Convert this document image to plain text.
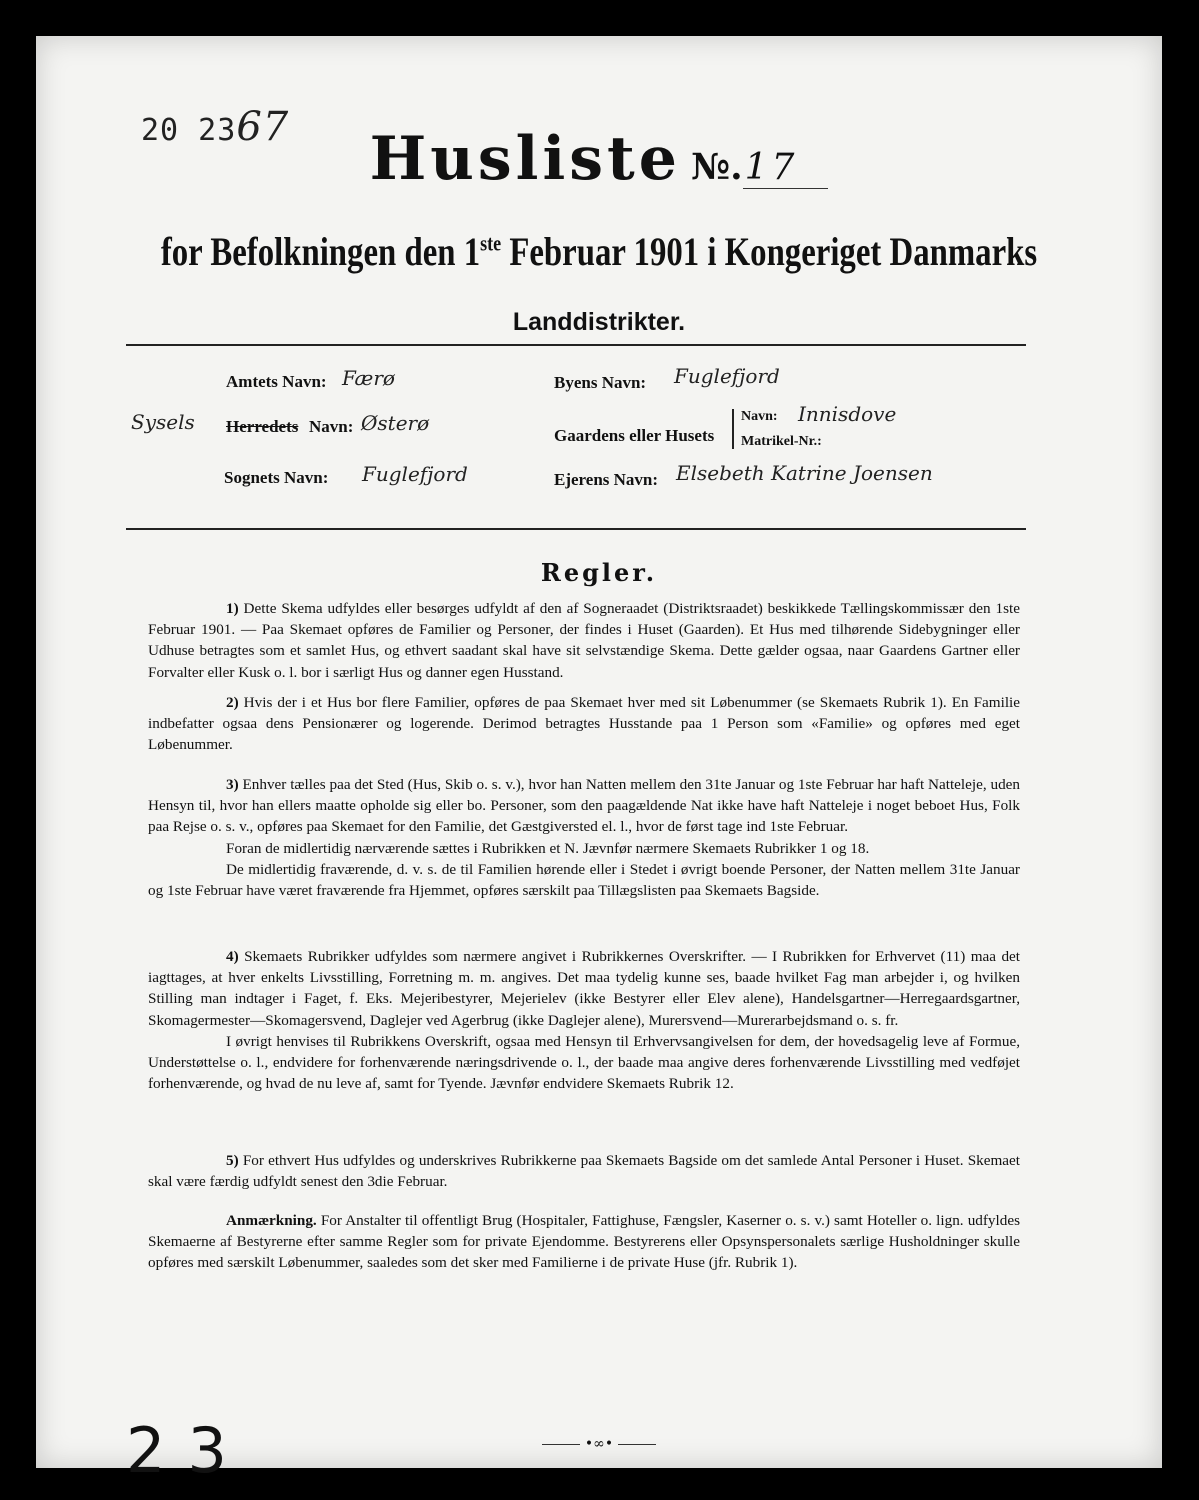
20 2367	Husliste №.17
for Befolkningen den 1ste Februar 1901 i Kongeriget Danmarks
Landdistrikter.
Amtets Navn: Færø
Sysels Herredets Navn: Østerø
Sognets Navn: Fuglefjord
Byens Navn: Fuglefjord
Gaardens eller Husets
Navn: Innisdove
Matrikel-Nr.:
Ejerens Navn: Elsebeth Katrine Joensen
Regler.

1) Dette Skema udfyldes eller besørges udfyldt af den af Sogneraadet (Distriktsraadet) beskikkede Tællingskommissær den 1ste Februar 1901. — Paa Skemaet opføres de Familier og Personer, der findes i Huset (Gaarden). Et Hus med tilhørende Sidebygninger eller Udhuse betragtes som et samlet Hus, og ethvert saadant skal have sit selvstændige Skema. Dette gælder ogsaa, naar Gaardens Gartner eller Forvalter eller Kusk o. l. bor i særligt Hus og danner egen Husstand.

2) Hvis der i et Hus bor flere Familier, opføres de paa Skemaet hver med sit Løbenummer (se Skemaets Rubrik 1). En Familie indbefatter ogsaa dens Pensionærer og logerende. Derimod betragtes Husstande paa 1 Person som «Familie» og opføres med eget Løbenummer.

3) Enhver tælles paa det Sted (Hus, Skib o. s. v.), hvor han Natten mellem den 31te Januar og 1ste Februar har haft Natteleje, uden Hensyn til, hvor han ellers maatte opholde sig eller bo. Personer, som den paagældende Nat ikke have haft Natteleje i noget beboet Hus, Folk paa Rejse o. s. v., opføres paa Skemaet for den Familie, det Gæstgiversted el. l., hvor de først tage ind 1ste Februar.

Foran de midlertidig nærværende sættes i Rubrikken et N. Jævnfør nærmere Skemaets Rubrikker 1 og 18.

De midlertidig fraværende, d. v. s. de til Familien hørende eller i Stedet i øvrigt boende Personer, der Natten mellem 31te Januar og 1ste Februar have været fraværende fra Hjemmet, opføres særskilt paa Tillægslisten paa Skemaets Bagside.

4) Skemaets Rubrikker udfyldes som nærmere angivet i Rubrikkernes Overskrifter. — I Rubrikken for Erhvervet (11) maa det iagttages, at hver enkelts Livsstilling, Forretning m. m. angives. Det maa tydelig kunne ses, baade hvilket Fag man arbejder i, og hvilken Stilling man indtager i Faget, f. Eks. Mejeribestyrer, Mejerielev (ikke Bestyrer eller Elev alene), Handelsgartner—Herregaardsgartner, Skomagermester—Skomagersvend, Daglejer ved Agerbrug (ikke Daglejer alene), Murersvend—Murerarbejdsmand o. s. fr.

I øvrigt henvises til Rubrikkens Overskrift, ogsaa med Hensyn til Erhvervsangivelsen for dem, der hovedsagelig leve af Formue, Understøttelse o. l., endvidere for forhenværende næringsdrivende o. l., der baade maa angive deres forhenværende Livsstilling med vedføjet forhenværende, og hvad de nu leve af, samt for Tyende. Jævnfør endvidere Skemaets Rubrik 12.

5) For ethvert Hus udfyldes og underskrives Rubrikkerne paa Skemaets Bagside om det samlede Antal Personer i Huset. Skemaet skal være færdig udfyldt senest den 3die Februar.

Anmærkning. For Anstalter til offentligt Brug (Hospitaler, Fattighuse, Fængsler, Kaserner o. s. v.) samt Hoteller o. lign. udfyldes Skemaerne af Bestyrerne efter samme Regler som for private Ejendomme. Bestyrerens eller Opsynspersonalets særlige Husholdninger skulle opføres med særskilt Løbenummer, saaledes som det sker med Familierne i de private Huse (jfr. Rubrik 1).

•∞•
23
